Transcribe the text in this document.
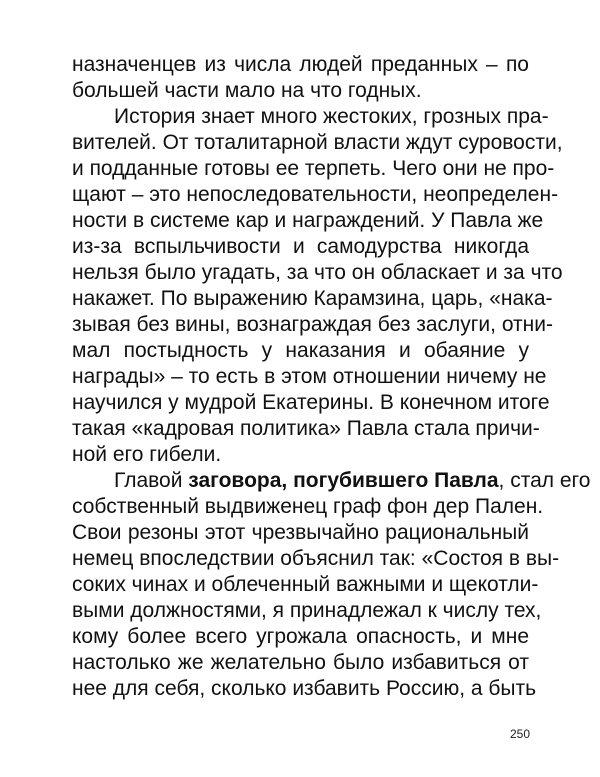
назначенцев из числа людей преданных – по
большей части мало на что годных.
История знает много жестоких, грозных пра-
вителей. От тоталитарной власти ждут суровости,
и подданные готовы ее терпеть. Чего они не про-
щают – это непоследовательности, неопределен-
ности в системе кар и награждений. У Павла же
из-за вспыльчивости и самодурства никогда
нельзя было угадать, за что он обласкает и за что
накажет. По выражению Карамзина, царь, «нака-
зывая без вины, вознаграждая без заслуги, отни-
мал постыдность у наказания и обаяние у
награды» – то есть в этом отношении ничему не
научился у мудрой Екатерины. В конечном итоге
такая «кадровая политика» Павла стала причи-
ной его гибели.
Главой заговора, погубившего Павла, стал его
собственный выдвиженец граф фон дер Пален.
Свои резоны этот чрезвычайно рациональный
немец впоследствии объяснил так: «Состоя в вы-
соких чинах и облеченный важными и щекотли-
выми должностями, я принадлежал к числу тех,
кому более всего угрожала опасность, и мне
настолько же желательно было избавиться от
нее для себя, сколько избавить Россию, а быть
250
